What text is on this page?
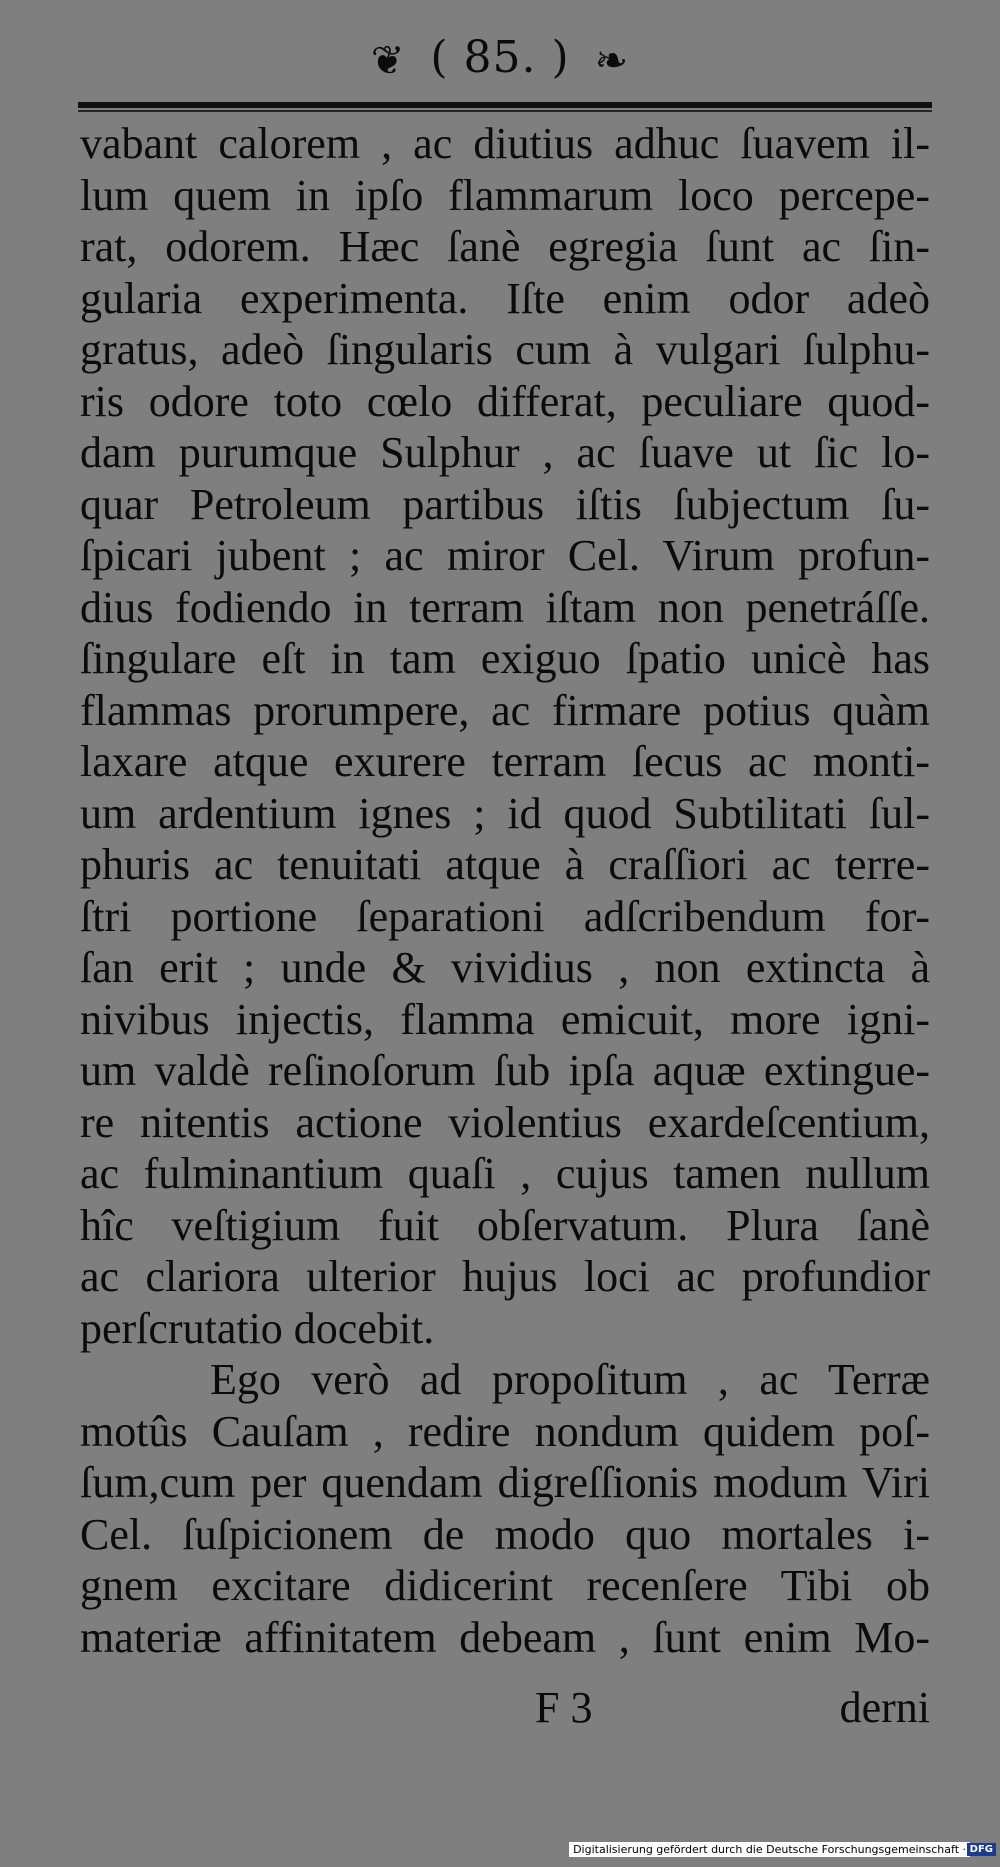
❦ ( 85. ) ❧
vabant calorem , ac diutius adhuc ſuavem il-
lum quem in ipſo flammarum loco percepe-
rat, odorem. Hæc ſanè egregia ſunt ac ſin-
gularia experimenta. Iſte enim odor adeò
gratus, adeò ſingularis cum à vulgari ſulphu-
ris odore toto cœlo differat, peculiare quod-
dam purumque Sulphur , ac ſuave ut ſic lo-
quar Petroleum partibus iſtis ſubjectum ſu-
ſpicari jubent ; ac miror Cel. Virum profun-
dius fodiendo in terram iſtam non penetráſſe.
ſingulare eſt in tam exiguo ſpatio unicè has
flammas prorumpere, ac firmare potius quàm
laxare atque exurere terram ſecus ac monti-
um ardentium ignes ; id quod Subtilitati ſul-
phuris ac tenuitati atque à craſſiori ac terre-
ſtri portione ſeparationi adſcribendum for-
ſan erit ; unde & vividius , non extincta à
nivibus injectis, flamma emicuit, more igni-
um valdè reſinoſorum ſub ipſa aquæ extingue-
re nitentis actione violentius exardeſcentium,
ac fulminantium quaſi , cujus tamen nullum
hîc veſtigium fuit obſervatum. Plura ſanè
ac clariora ulterior hujus loci ac profundior
perſcrutatio docebit.
Ego verò ad propoſitum , ac Terræ
motûs Cauſam , redire nondum quidem poſ-
ſum,cum per quendam digreſſionis modum Viri
Cel. ſuſpicionem de modo quo mortales i-
gnem excitare didicerint recenſere Tibi ob
materiæ affinitatem debeam , ſunt enim Mo-
F 3	derni
Digitalisierung gefördert durch die Deutsche Forschungsgemeinschaft · DFG
